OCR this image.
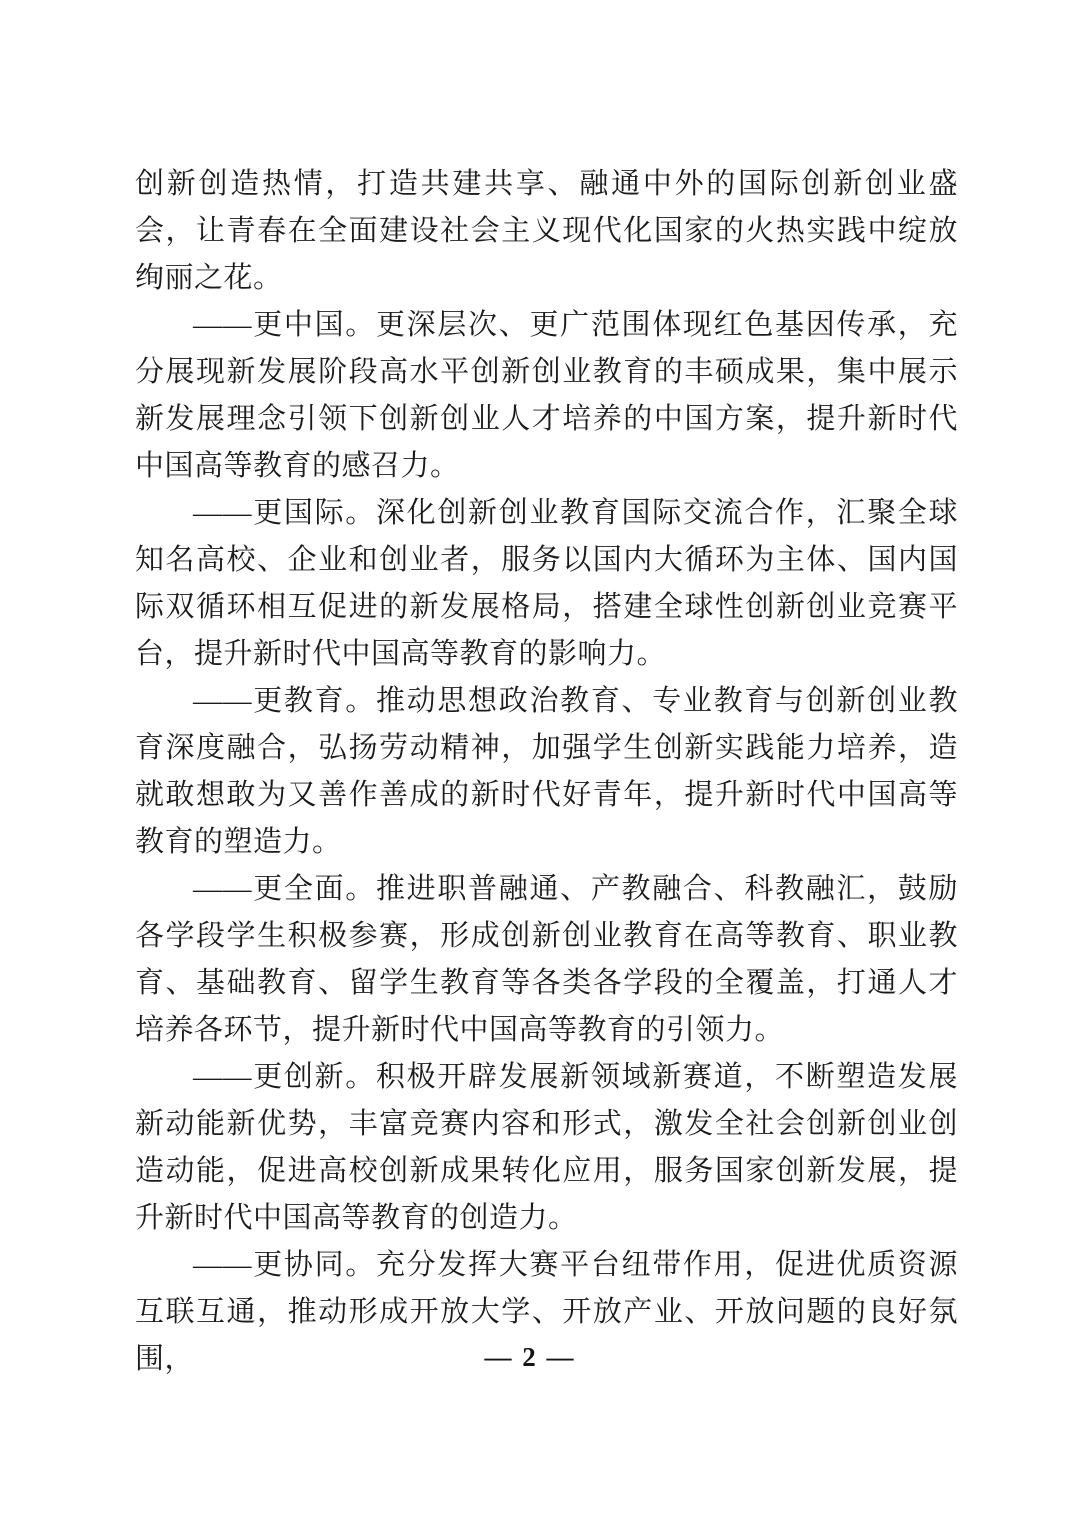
创新创造热情，打造共建共享、融通中外的国际创新创业盛会，让青春在全面建设社会主义现代化国家的火热实践中绽放绚丽之花。

——更中国。更深层次、更广范围体现红色基因传承，充分展现新发展阶段高水平创新创业教育的丰硕成果，集中展示新发展理念引领下创新创业人才培养的中国方案，提升新时代中国高等教育的感召力。

——更国际。深化创新创业教育国际交流合作，汇聚全球知名高校、企业和创业者，服务以国内大循环为主体、国内国际双循环相互促进的新发展格局，搭建全球性创新创业竞赛平台，提升新时代中国高等教育的影响力。

——更教育。推动思想政治教育、专业教育与创新创业教育深度融合，弘扬劳动精神，加强学生创新实践能力培养，造就敢想敢为又善作善成的新时代好青年，提升新时代中国高等教育的塑造力。

——更全面。推进职普融通、产教融合、科教融汇，鼓励各学段学生积极参赛，形成创新创业教育在高等教育、职业教育、基础教育、留学生教育等各类各学段的全覆盖，打通人才培养各环节，提升新时代中国高等教育的引领力。

——更创新。积极开辟发展新领域新赛道，不断塑造发展新动能新优势，丰富竞赛内容和形式，激发全社会创新创业创造动能，促进高校创新成果转化应用，服务国家创新发展，提升新时代中国高等教育的创造力。

——更协同。充分发挥大赛平台纽带作用，促进优质资源互联互通，推动形成开放大学、开放产业、开放问题的良好氛围，	— 2 —
